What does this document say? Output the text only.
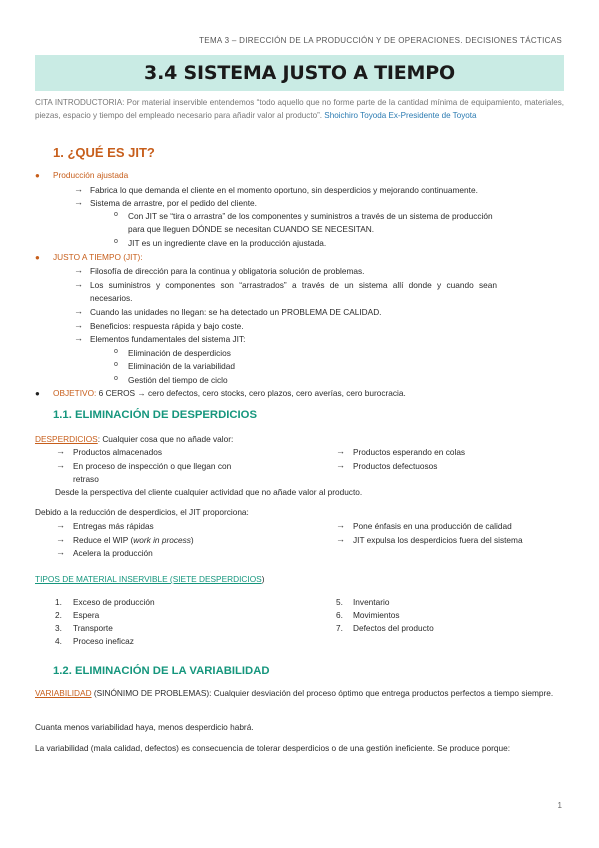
TEMA 3 – DIRECCIÓN DE LA PRODUCCIÓN Y DE OPERACIONES. DECISIONES TÁCTICAS
3.4 SISTEMA JUSTO A TIEMPO
CITA INTRODUCTORIA: Por material inservible entendemos “todo aquello que no forme parte de la cantidad mínima de equipamiento, materiales, piezas, espacio y tiempo del empleado necesario para añadir valor al producto”. Shoichiro Toyoda Ex-Presidente de Toyota
1. ¿QUÉ ES JIT?
● Producción ajustada
→ Fabrica lo que demanda el cliente en el momento oportuno, sin desperdicios y mejorando continuamente.
→ Sistema de arrastre, por el pedido del cliente.
o Con JIT se “tira o arrastra” de los componentes y suministros a través de un sistema de producción
para que lleguen DÓNDE se necesitan CUANDO SE NECESITAN.
o JIT es un ingrediente clave en la producción ajustada.
● JUSTO A TIEMPO (JIT):
→ Filosofía de dirección para la continua y obligatoria solución de problemas.
→ Los suministros y componentes son “arrastrados” a través de un sistema allí donde y cuando sean
necesarios.
→ Cuando las unidades no llegan: se ha detectado un PROBLEMA DE CALIDAD.
→ Beneficios: respuesta rápida y bajo coste.
→ Elementos fundamentales del sistema JIT:
o Eliminación de desperdicios
o Eliminación de la variabilidad
o Gestión del tiempo de ciclo
● OBJETIVO: 6 CEROS → cero defectos, cero stocks, cero plazos, cero averías, cero burocracia.
1.1. ELIMINACIÓN DE DESPERDICIOS
DESPERDICIOS: Cualquier cosa que no añade valor:
→ Productos almacenados
→ En proceso de inspección o que llegan con
retraso
→ Productos esperando en colas
→ Productos defectuosos
Desde la perspectiva del cliente cualquier actividad que no añade valor al producto.
Debido a la reducción de desperdicios, el JIT proporciona:
→ Entregas más rápidas
→ Reduce el WIP (work in process)
→ Acelera la producción
→ Pone énfasis en una producción de calidad
→ JIT expulsa los desperdicios fuera del sistema
TIPOS DE MATERIAL INSERVIBLE (SIETE DESPERDICIOS)
1. Exceso de producción
2. Espera
3. Transporte
4. Proceso ineficaz
5. Inventario
6. Movimientos
7. Defectos del producto
1.2. ELIMINACIÓN DE LA VARIABILIDAD
VARIABILIDAD (SINÓNIMO DE PROBLEMAS): Cualquier desviación del proceso óptimo que entrega productos perfectos a tiempo siempre.
Cuanta menos variabilidad haya, menos desperdicio habrá.
La variabilidad (mala calidad, defectos) es consecuencia de tolerar desperdicios o de una gestión ineficiente. Se produce porque:
1
